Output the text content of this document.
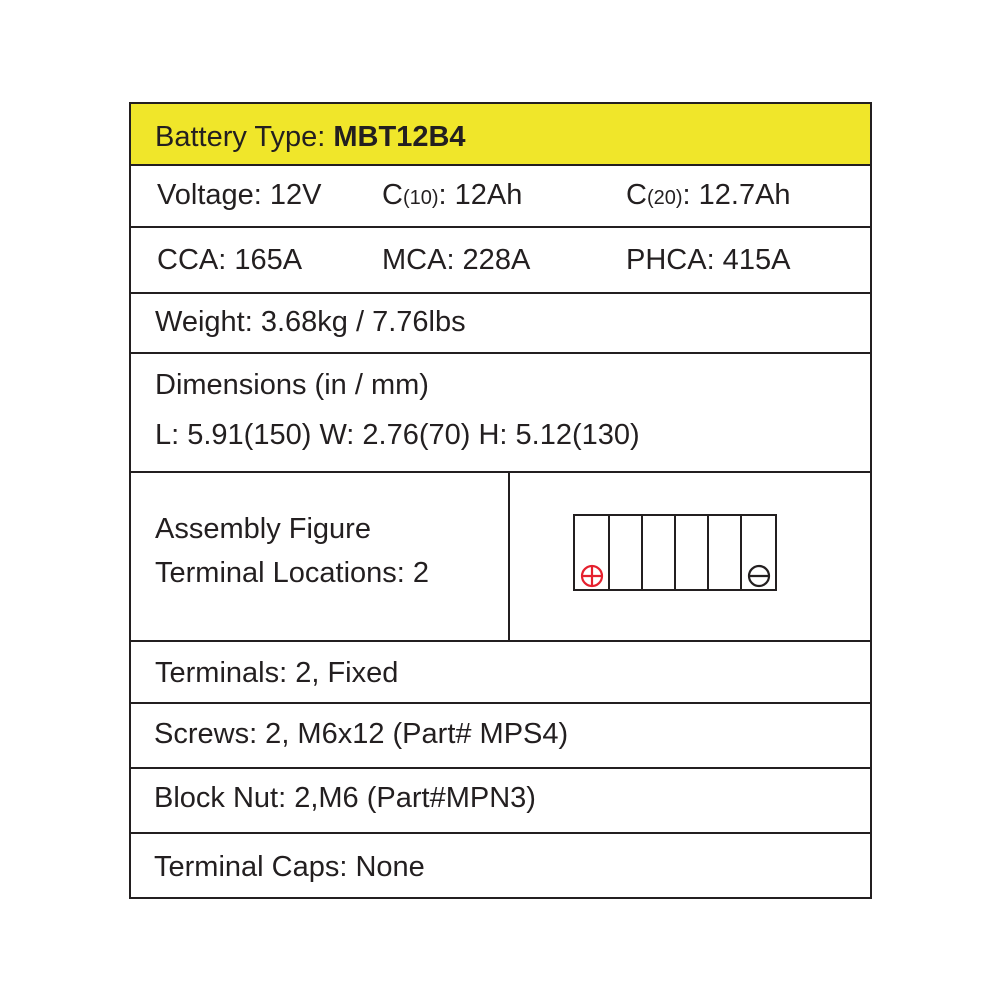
Battery Type: MBT12B4
Voltage: 12V C(10): 12Ah	C(20): 12.7Ah
CCA: 165A	MCA: 228A	PHCA: 415A
Weight: 3.68kg / 7.76lbs
Dimensions (in / mm)
L: 5.91(150) W: 2.76(70) H: 5.12(130)
Assembly Figure
Terminal Locations: 2
Terminals: 2, Fixed
Screws: 2, M6x12 (Part# MPS4)
Block Nut: 2,M6 (Part#MPN3)
Terminal Caps: None
